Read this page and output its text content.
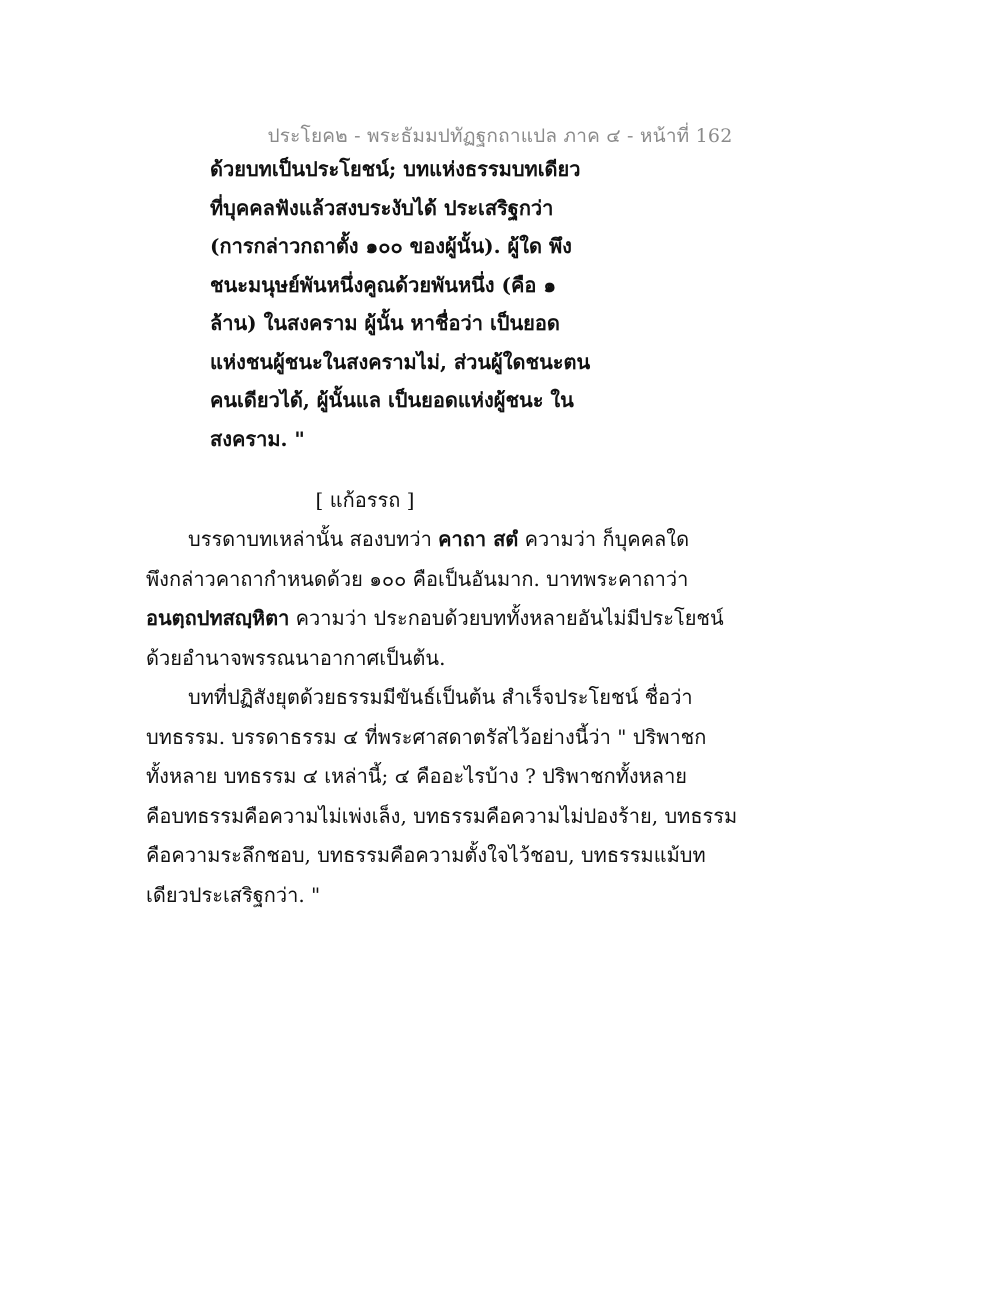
ประโยค๒ - พระธัมมปทัฏฐกถาแปล ภาค ๔ - หน้าที่ 162
ด้วยบทเป็นประโยชน์; บทแห่งธรรมบทเดียว
ที่บุคคลฟังแล้วสงบระงับได้ ประเสริฐกว่า
(การกล่าวกถาตั้ง ๑๐๐ ของผู้นั้น). ผู้ใด พึง
ชนะมนุษย์พันหนึ่งคูณด้วยพันหนึ่ง (คือ ๑
ล้าน) ในสงคราม ผู้นั้น หาชื่อว่า เป็นยอด
แห่งชนผู้ชนะในสงครามไม่, ส่วนผู้ใดชนะตน
คนเดียวได้, ผู้นั้นแล เป็นยอดแห่งผู้ชนะ ใน
สงคราม. "
[ แก้อรรถ ]
บรรดาบทเหล่านั้น สองบทว่า คาถา สตํ ความว่า ก็บุคคลใด
พึงกล่าวคาถากำหนดด้วย ๑๐๐ คือเป็นอันมาก. บาทพระคาถาว่า
อนตฺถปทสญฺหิตา ความว่า ประกอบด้วยบททั้งหลายอันไม่มีประโยชน์
ด้วยอำนาจพรรณนาอากาศเป็นต้น.
บทที่ปฏิสังยุตด้วยธรรมมีขันธ์เป็นต้น สำเร็จประโยชน์ ชื่อว่า
บทธรรม. บรรดาธรรม ๔ ที่พระศาสดาตรัสไว้อย่างนี้ว่า " ปริพาชก
ทั้งหลาย บทธรรม ๔ เหล่านี้; ๔ คืออะไรบ้าง ? ปริพาชกทั้งหลาย
คือบทธรรมคือความไม่เพ่งเล็ง, บทธรรมคือความไม่ปองร้าย, บทธรรม
คือความระลึกชอบ, บทธรรมคือความตั้งใจไว้ชอบ, บทธรรมแม้บท
เดียวประเสริฐกว่า. "
